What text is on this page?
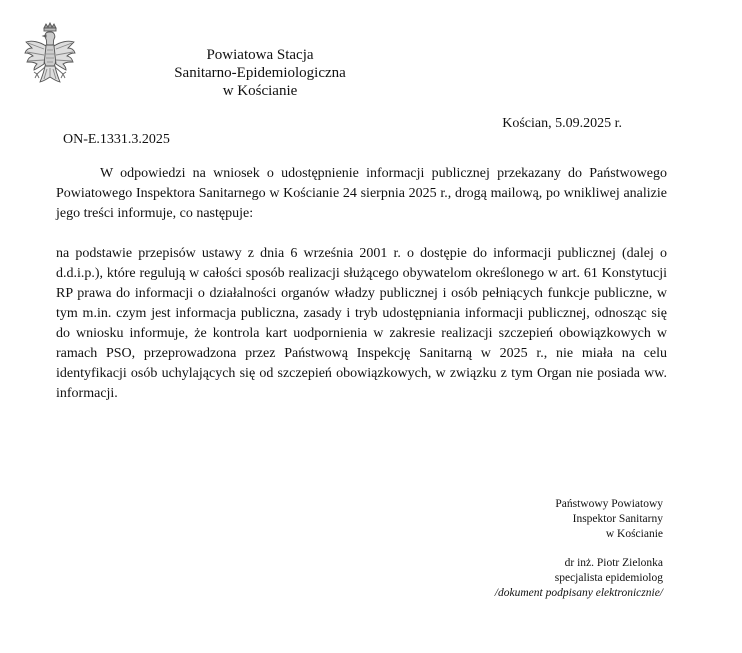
Powiatowa Stacja
Sanitarno-Epidemiologiczna
w Kościanie
Kościan, 5.09.2025 r.
ON-E.1331.3.2025

W odpowiedzi na wniosek o udostępnienie informacji publicznej przekazany do Państwowego Powiatowego Inspektora Sanitarnego w Kościanie 24 sierpnia 2025 r., drogą mailową, po wnikliwej analizie jego treści informuje, co następuje:

na podstawie przepisów ustawy z dnia 6 września 2001 r. o dostępie do informacji publicznej (dalej o d.d.i.p.), które regulują w całości sposób realizacji służącego obywatelom określonego w art. 61 Konstytucji RP prawa do informacji o działalności organów władzy publicznej i osób pełniących funkcje publiczne, w tym m.in. czym jest informacja publiczna, zasady i tryb udostępniania informacji publicznej, odnosząc się do wniosku informuje, że kontrola kart uodpornienia w zakresie realizacji szczepień obowiązkowych w ramach PSO, przeprowadzona przez Państwową Inspekcję Sanitarną w 2025 r., nie miała na celu identyfikacji osób uchylających się od szczepień obowiązkowych, w związku z tym Organ nie posiada ww. informacji.

Państwowy Powiatowy
Inspektor Sanitarny
w Kościanie
dr inż. Piotr Zielonka
specjalista epidemiolog
/dokument podpisany elektronicznie/
